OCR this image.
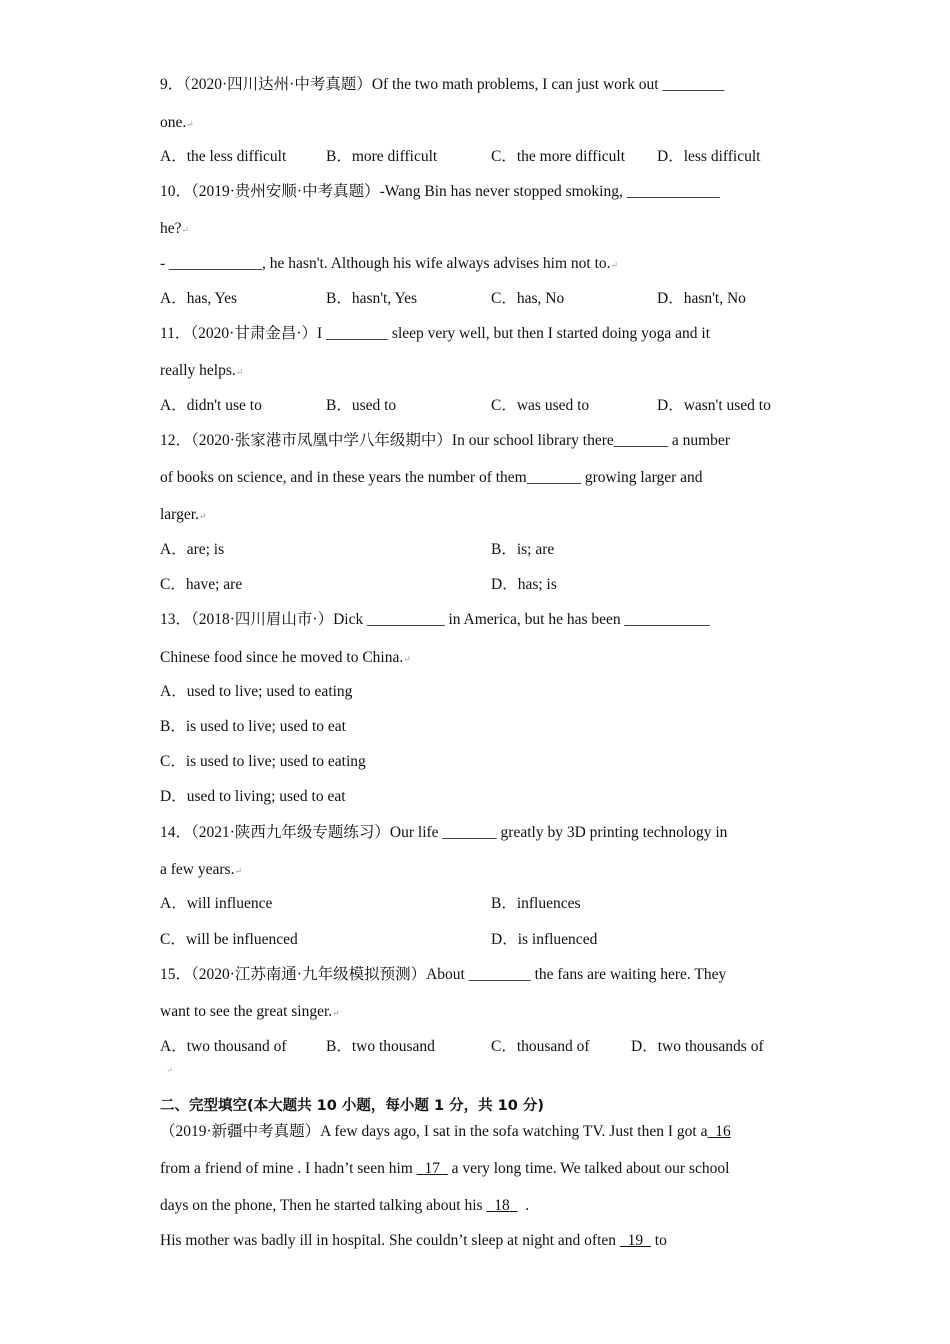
9．（2020·四川达州·中考真题）Of the two math problems, I can just work out ________
one.↵
A．the less difficult	B．more difficult	C．the more difficult D．less difficult
10．（2019·贵州安顺·中考真题）-Wang Bin has never stopped smoking, ____________
he?↵
- ____________, he hasn't. Although his wife always advises him not to.↵
A．has, Yes	B．hasn't, Yes	C．has, No	D．hasn't, No
11．（2020·甘肃金昌·）I ________ sleep very well, but then I started doing yoga and it
really helps.↵
A．didn't use to	B．used to	C．was used to	D．wasn't used to
12．（2020·张家港市凤凰中学八年级期中）In our school library there_______ a number
of books on science, and in these years the number of them_______ growing larger and
larger.↵
A．are; is	B．is; are
C．have; are	D．has; is
13．（2018·四川眉山市·）Dick __________ in America, but he has been ___________
Chinese food since he moved to China.↵
A．used to live; used to eating
B．is used to live; used to eat
C．is used to live; used to eating
D．used to living; used to eat
14．（2021·陕西九年级专题练习）Our life _______ greatly by 3D printing technology in
a few years.↵
A．will influence	B．influences
C．will be influenced	D．is influenced
15．（2020·江苏南通·九年级模拟预测）About ________ the fans are waiting here. They
want to see the great singer.↵
A．two thousand of	B．two thousand	C．thousand of	D．two thousands of
↵
二、完型填空(本大题共 10 小题，每小题 1 分，共 10 分)
（2019·新疆中考真题）A few days ago, I sat in the sofa watching TV. Just then I got a 16
from a friend of mine . I hadn’t seen him 17 a very long time. We talked about our school
days on the phone, Then he started talking about his 18 .
His mother was badly ill in hospital. She couldn’t sleep at night and often 19 to
